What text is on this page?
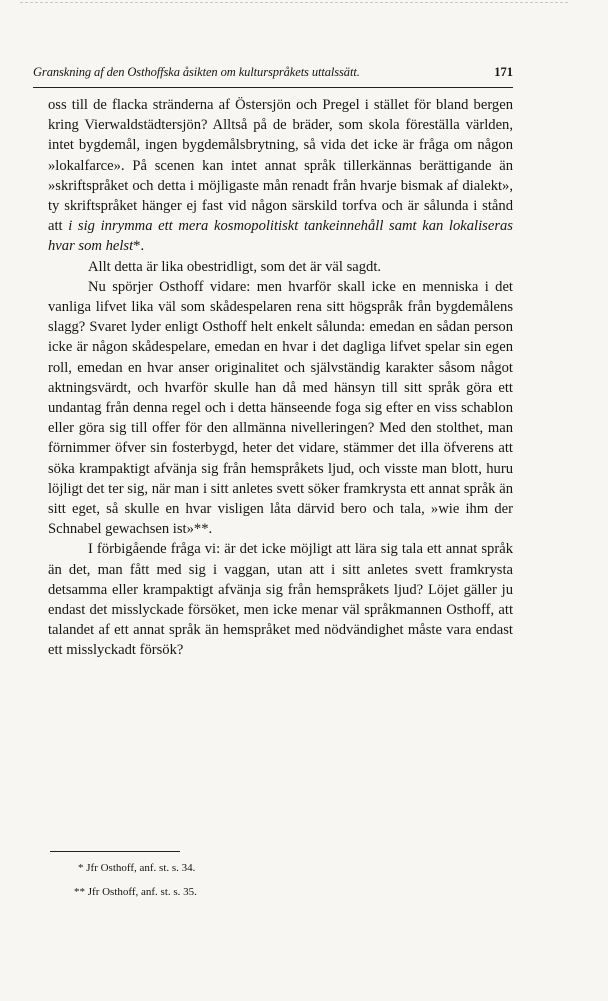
Granskning af den Osthoffska åsikten om kulturspråkets uttalssätt.	171

oss till de flacka stränderna af Östersjön och Pregel i stället för bland bergen kring Vierwaldstädtersjön? Alltså på de bräder, som skola föreställa världen, intet bygdemål, ingen bygdemålsbrytning, så vida det icke är fråga om någon »lokalfarce». På scenen kan intet annat språk tillerkännas berättigande än »skriftspråket och detta i möjligaste mån renadt från hvarje bismak af dialekt», ty skriftspråket hänger ej fast vid någon särskild torfva och är sålunda i stånd att i sig inrymma ett mera kosmopolitiskt tankeinnehåll samt kan lokaliseras hvar som helst*.

Allt detta är lika obestridligt, som det är väl sagdt.

Nu spörjer Osthoff vidare: men hvarför skall icke en menniska i det vanliga lifvet lika väl som skådespelaren rena sitt högspråk från bygdemålens slagg? Svaret lyder enligt Osthoff helt enkelt sålunda: emedan en sådan person icke är någon skådespelare, emedan en hvar i det dagliga lifvet spelar sin egen roll, emedan en hvar anser originalitet och självständig karakter såsom något aktningsvärdt, och hvarför skulle han då med hänsyn till sitt språk göra ett undantag från denna regel och i detta hänseende foga sig efter en viss schablon eller göra sig till offer för den allmänna nivelleringen? Med den stolthet, man förnimmer öfver sin fosterbygd, heter det vidare, stämmer det illa öfverens att söka krampaktigt afvänja sig från hemspråkets ljud, och visste man blott, huru löjligt det ter sig, när man i sitt anletes svett söker framkrysta ett annat språk än sitt eget, så skulle en hvar visligen låta därvid bero och tala, »wie ihm der Schnabel gewachsen ist»**.

I förbigående fråga vi: är det icke möjligt att lära sig tala ett annat språk än det, man fått med sig i vaggan, utan att i sitt anletes svett framkrysta detsamma eller krampaktigt afvänja sig från hemspråkets ljud? Löjet gäller ju endast det misslyckade försöket, men icke menar väl språkmannen Osthoff, att talandet af ett annat språk än hemspråket med nödvändighet måste vara endast ett misslyckadt försök?

* Jfr Osthoff, anf. st. s. 34.

** Jfr Osthoff, anf. st. s. 35.
